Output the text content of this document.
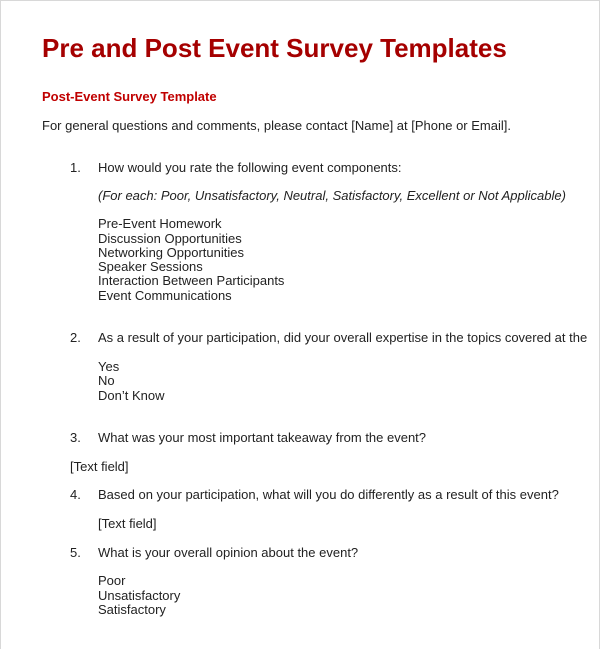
Pre and Post Event Survey Templates
Post-Event Survey Template
For general questions and comments, please contact [Name] at [Phone or Email].
1. How would you rate the following event components:
(For each: Poor, Unsatisfactory, Neutral, Satisfactory, Excellent or Not Applicable)
Pre-Event Homework
Discussion Opportunities
Networking Opportunities
Speaker Sessions
Interaction Between Participants
Event Communications
2. As a result of your participation, did your overall expertise in the topics covered at the
Yes
No
Don’t Know
3. What was your most important takeaway from the event?
[Text field]
4. Based on your participation, what will you do differently as a result of this event?
[Text field]
5. What is your overall opinion about the event?
Poor
Unsatisfactory
Satisfactory
